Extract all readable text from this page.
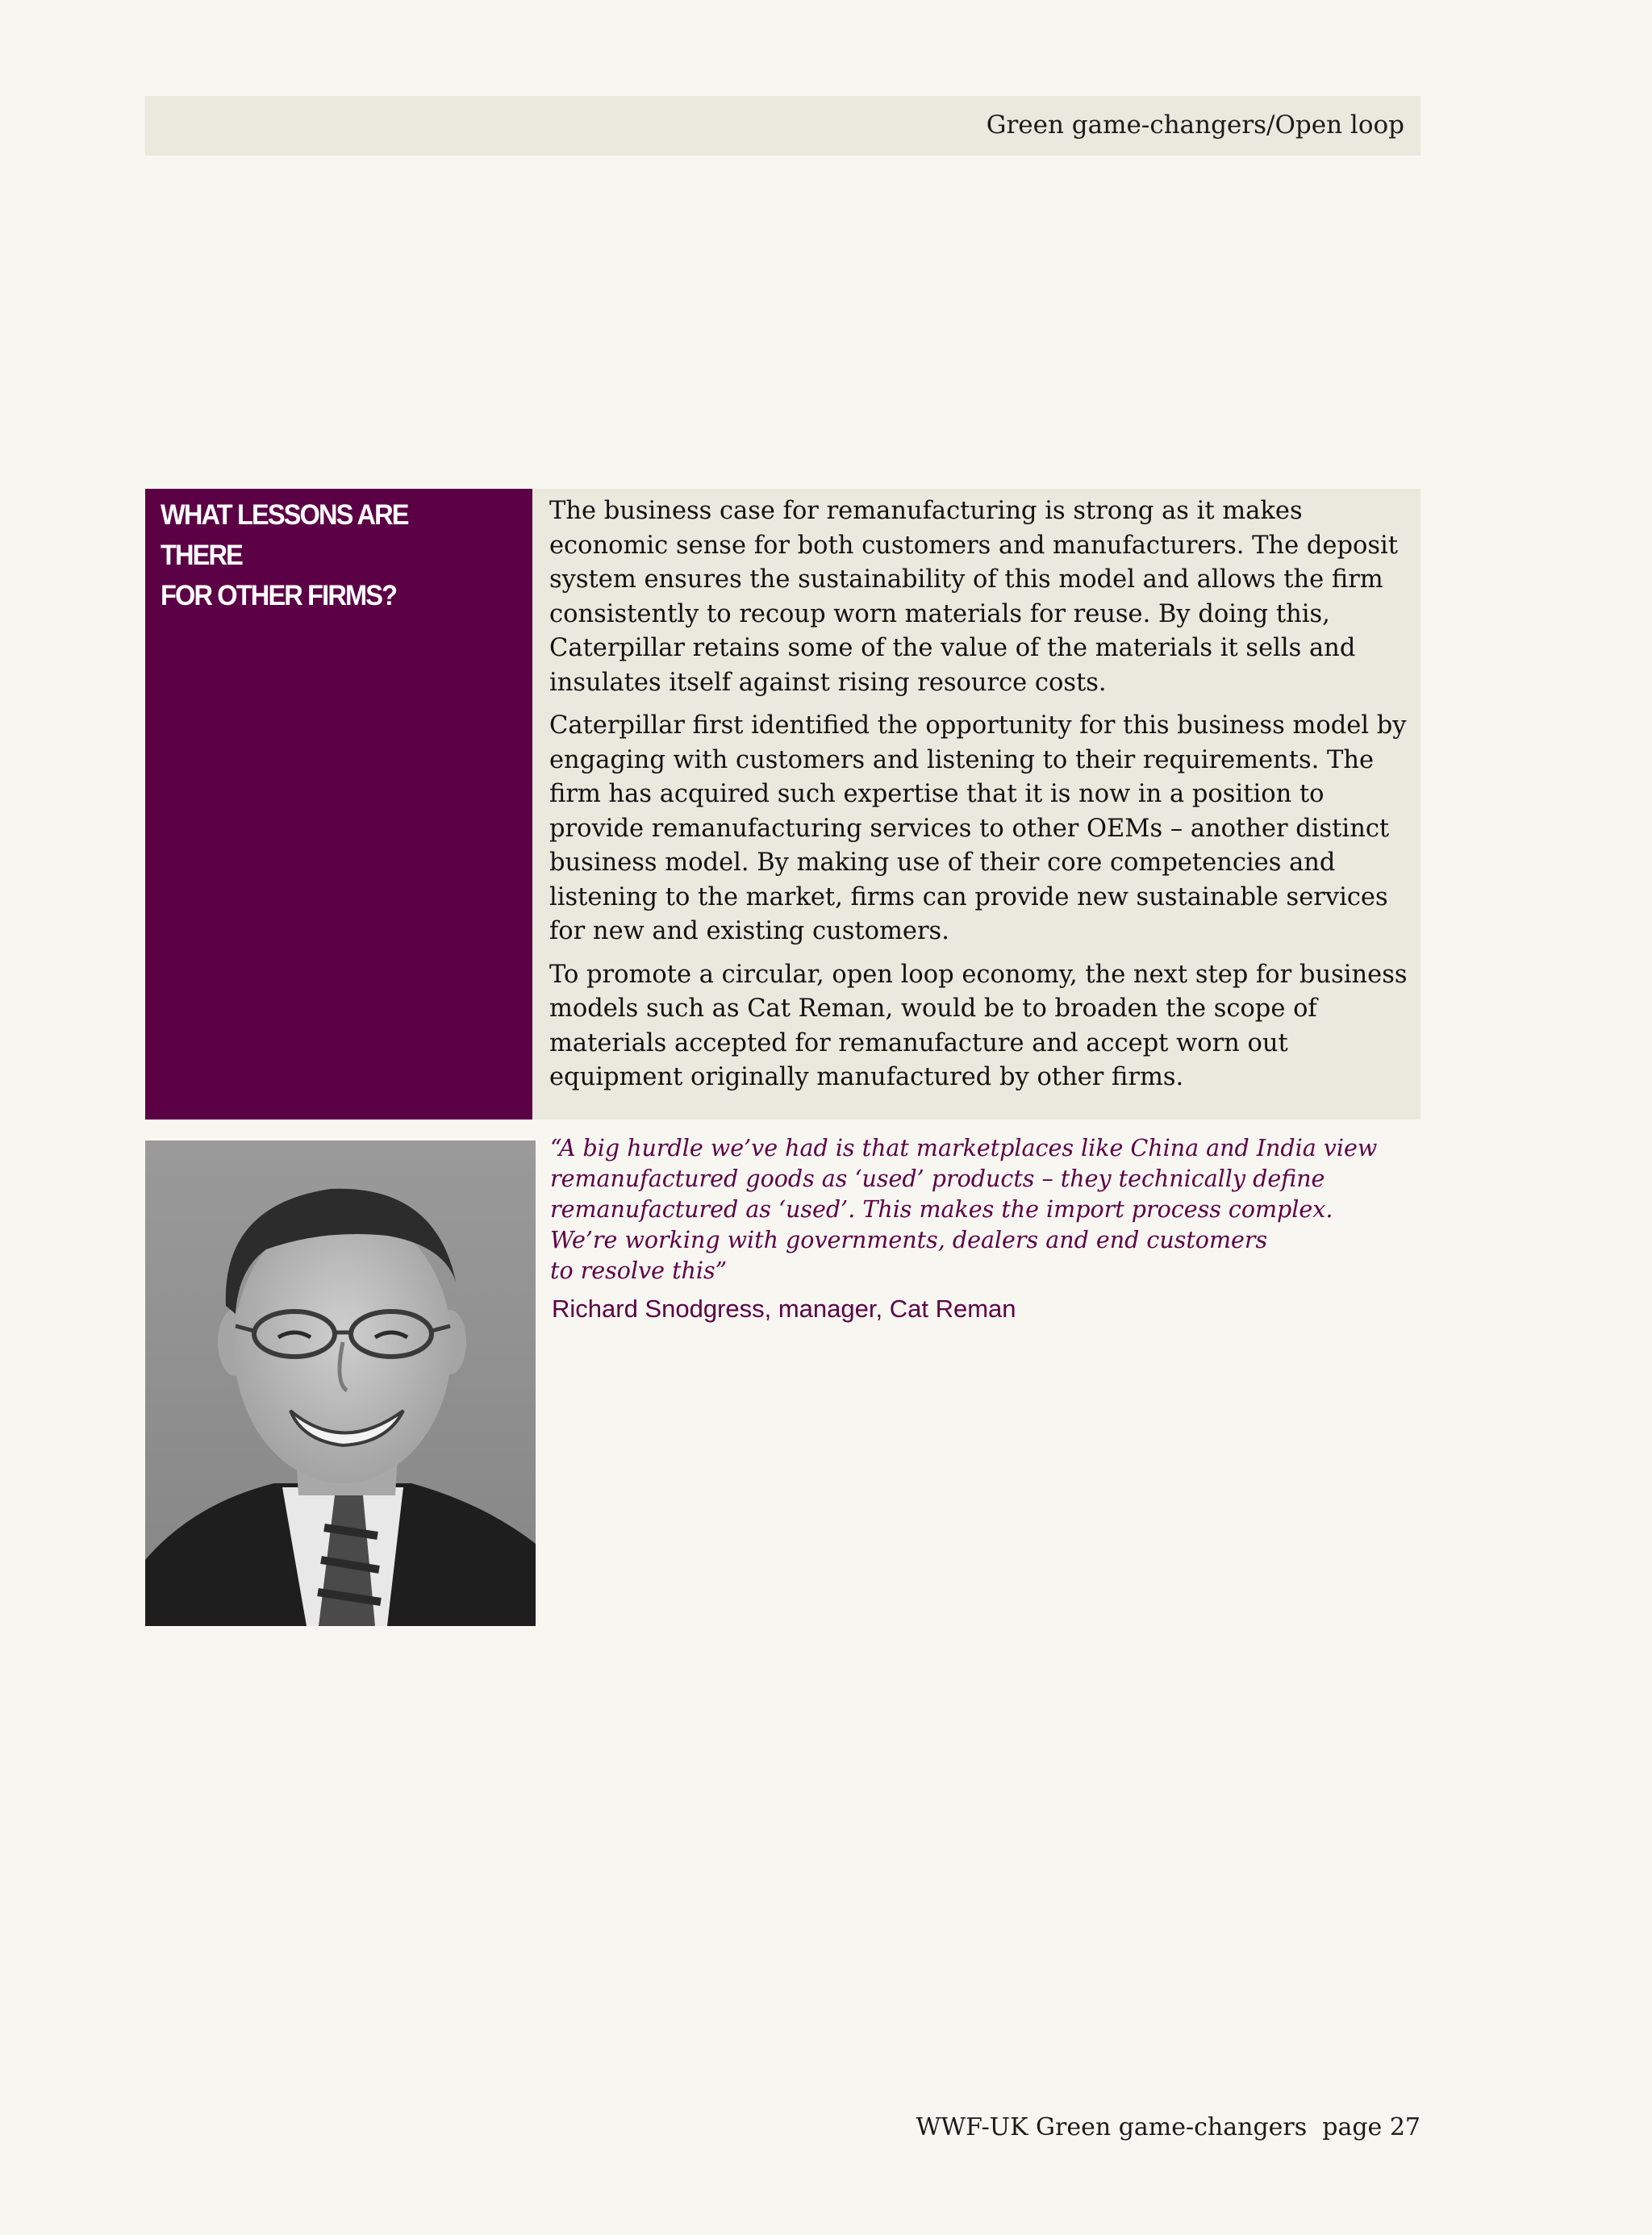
Green game-changers/Open loop
WHAT LESSONS ARE THERE
FOR OTHER FIRMS?

The business case for remanufacturing is strong as it makes economic sense for both customers and manufacturers. The deposit system ensures the sustainability of this model and allows the firm consistently to recoup worn materials for reuse. By doing this, Caterpillar retains some of the value of the materials it sells and insulates itself against rising resource costs.

Caterpillar first identified the opportunity for this business model by engaging with customers and listening to their requirements. The firm has acquired such expertise that it is now in a position to provide remanufacturing services to other OEMs – another distinct business model. By making use of their core competencies and listening to the market, firms can provide new sustainable services for new and existing customers.

To promote a circular, open loop economy, the next step for business models such as Cat Reman, would be to broaden the scope of materials accepted for remanufacture and accept worn out equipment originally manufactured by other firms.

“A big hurdle we’ve had is that marketplaces like China and India view
remanufactured goods as ‘used’ products – they technically define
remanufactured as ‘used’. This makes the import process complex.
We’re working with governments, dealers and end customers
to resolve this”

Richard Snodgress, manager, Cat Reman

WWF-UK Green game-changers page 27
